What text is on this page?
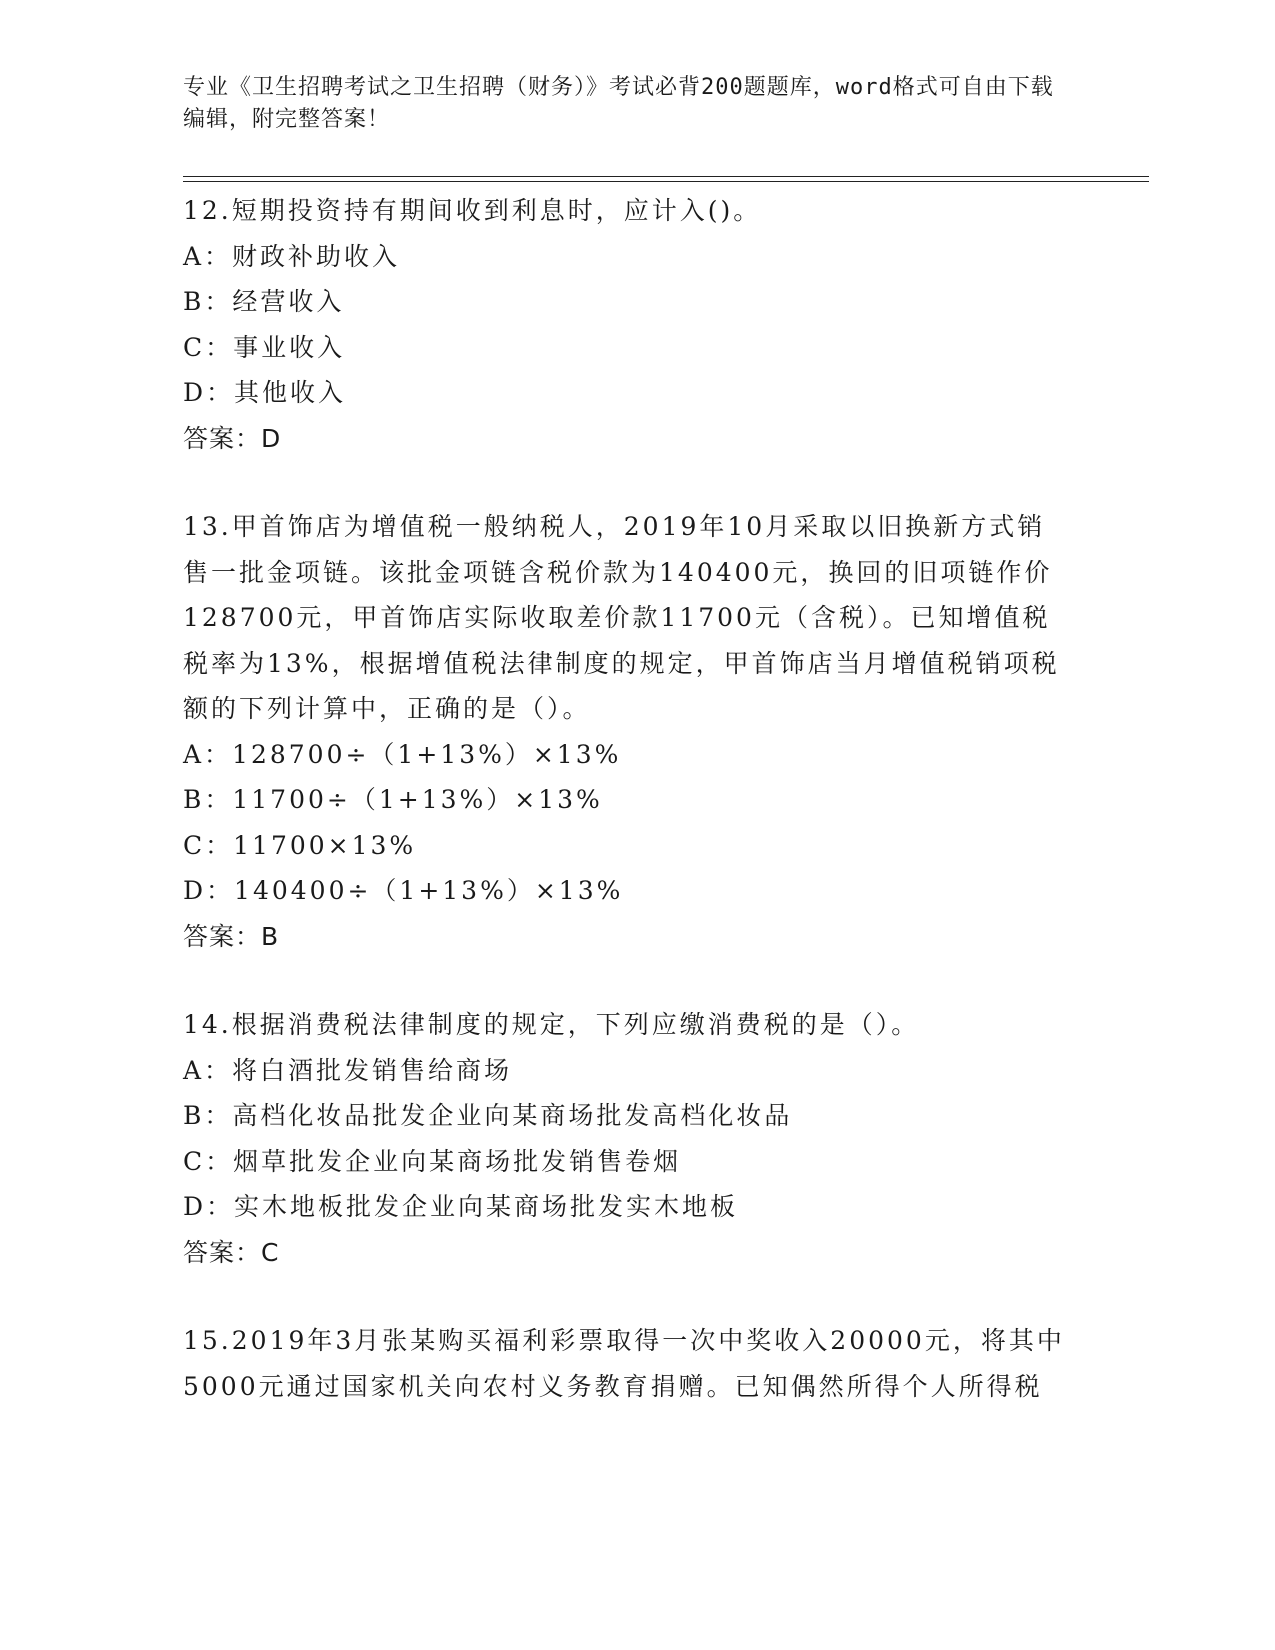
专业《卫生招聘考试之卫生招聘（财务）》考试必背200题题库，word格式可自由下载编辑，附完整答案！

12.短期投资持有期间收到利息时，应计入()。

A：财政补助收入

B：经营收入

C：事业收入

D：其他收入

答案：D

13.甲首饰店为增值税一般纳税人，2019年10月采取以旧换新方式销售一批金项链。该批金项链含税价款为140400元，换回的旧项链作价128700元，甲首饰店实际收取差价款11700元（含税）。已知增值税税率为13%，根据增值税法律制度的规定，甲首饰店当月增值税销项税额的下列计算中，正确的是（）。

A：128700÷（1+13%）×13%

B：11700÷（1+13%）×13%

C：11700×13%

D：140400÷（1+13%）×13%

答案：B

14.根据消费税法律制度的规定，下列应缴消费税的是（）。

A：将白酒批发销售给商场

B：高档化妆品批发企业向某商场批发高档化妆品

C：烟草批发企业向某商场批发销售卷烟

D：实木地板批发企业向某商场批发实木地板

答案：C

15.2019年3月张某购买福利彩票取得一次中奖收入20000元，将其中5000元通过国家机关向农村义务教育捐赠。已知偶然所得个人所得税
